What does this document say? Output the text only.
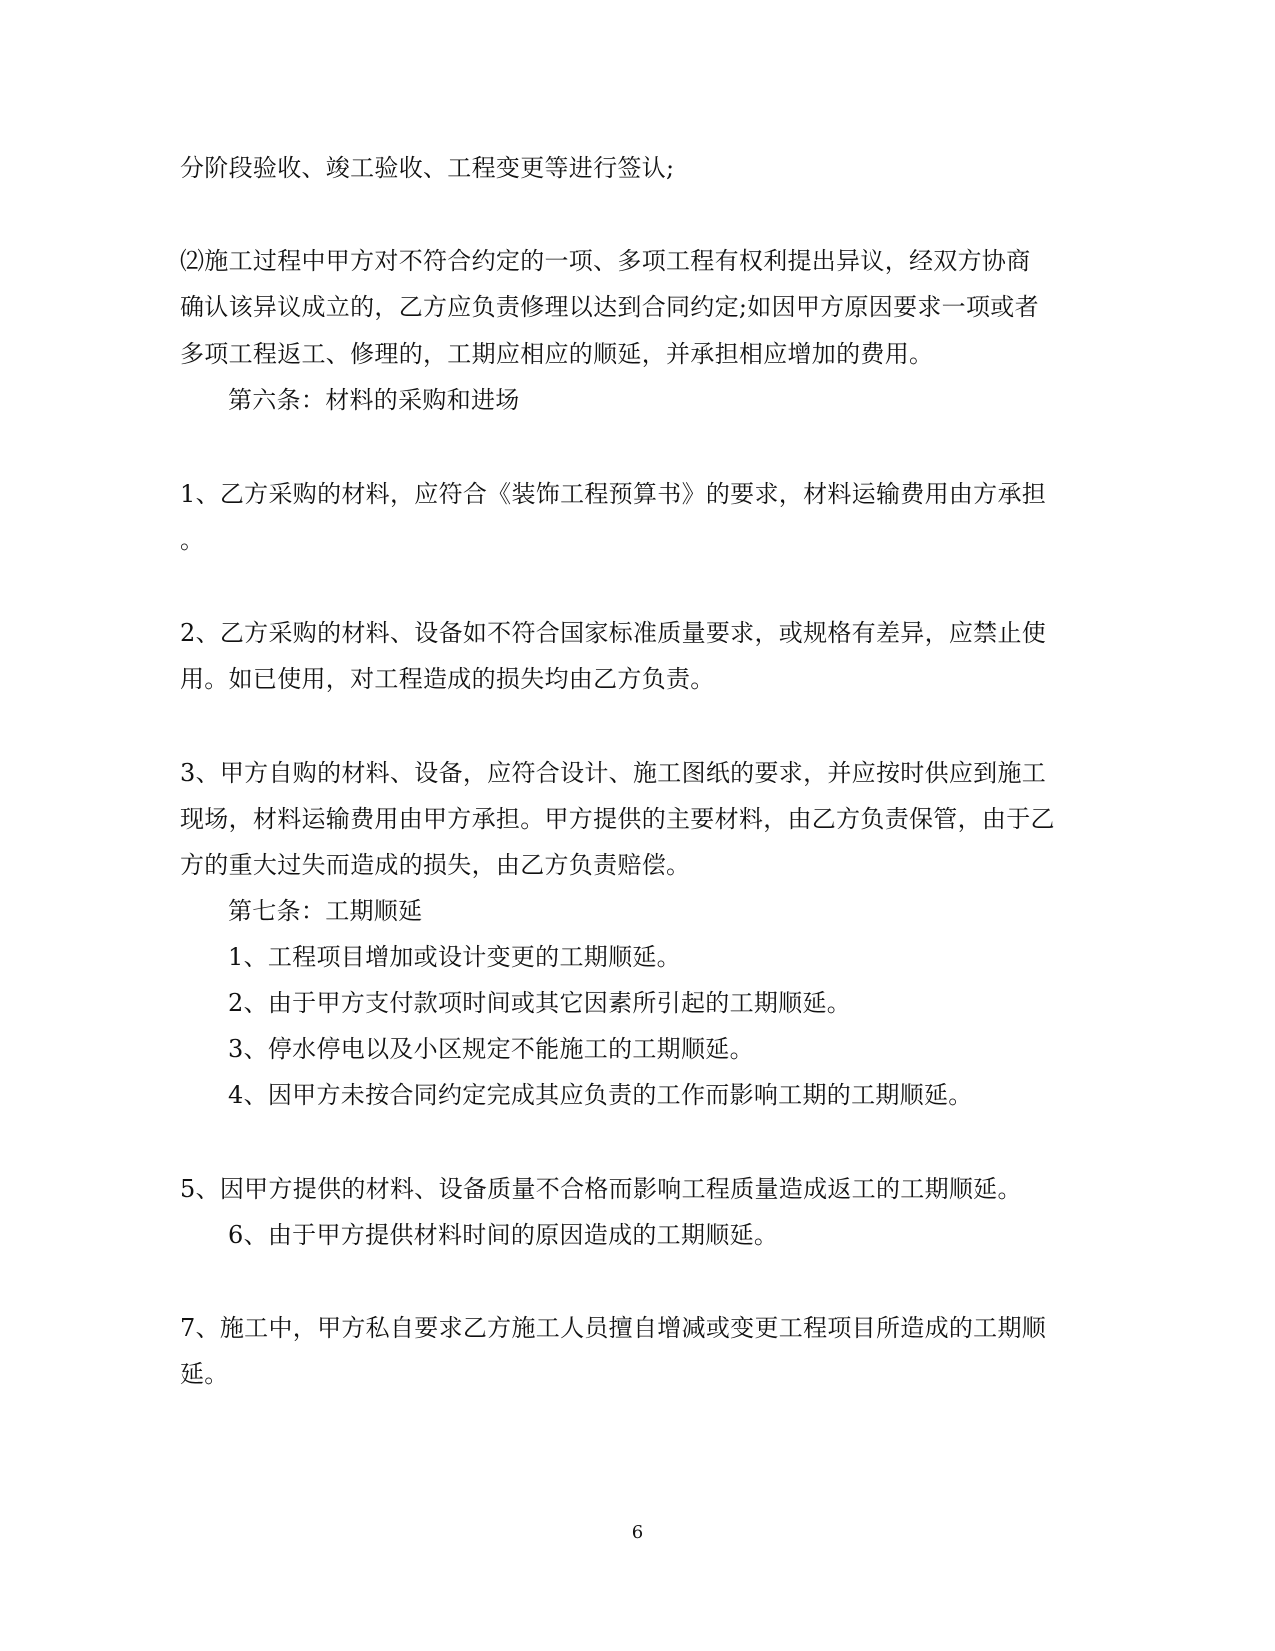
分阶段验收、竣工验收、工程变更等进行签认;
⑵施工过程中甲方对不符合约定的一项、多项工程有权利提出异议，经双方协商
确认该异议成立的，乙方应负责修理以达到合同约定;如因甲方原因要求一项或者
多项工程返工、修理的，工期应相应的顺延，并承担相应增加的费用。
第六条：材料的采购和进场
1、乙方采购的材料，应符合《装饰工程预算书》的要求，材料运输费用由方承担
。
2、乙方采购的材料、设备如不符合国家标准质量要求，或规格有差异，应禁止使
用。如已使用，对工程造成的损失均由乙方负责。
3、甲方自购的材料、设备，应符合设计、施工图纸的要求，并应按时供应到施工
现场，材料运输费用由甲方承担。甲方提供的主要材料，由乙方负责保管，由于乙
方的重大过失而造成的损失，由乙方负责赔偿。
第七条：工期顺延
1、工程项目增加或设计变更的工期顺延。
2、由于甲方支付款项时间或其它因素所引起的工期顺延。
3、停水停电以及小区规定不能施工的工期顺延。
4、因甲方未按合同约定完成其应负责的工作而影响工期的工期顺延。
5、因甲方提供的材料、设备质量不合格而影响工程质量造成返工的工期顺延。
6、由于甲方提供材料时间的原因造成的工期顺延。
7、施工中，甲方私自要求乙方施工人员擅自增减或变更工程项目所造成的工期顺
延。
6
